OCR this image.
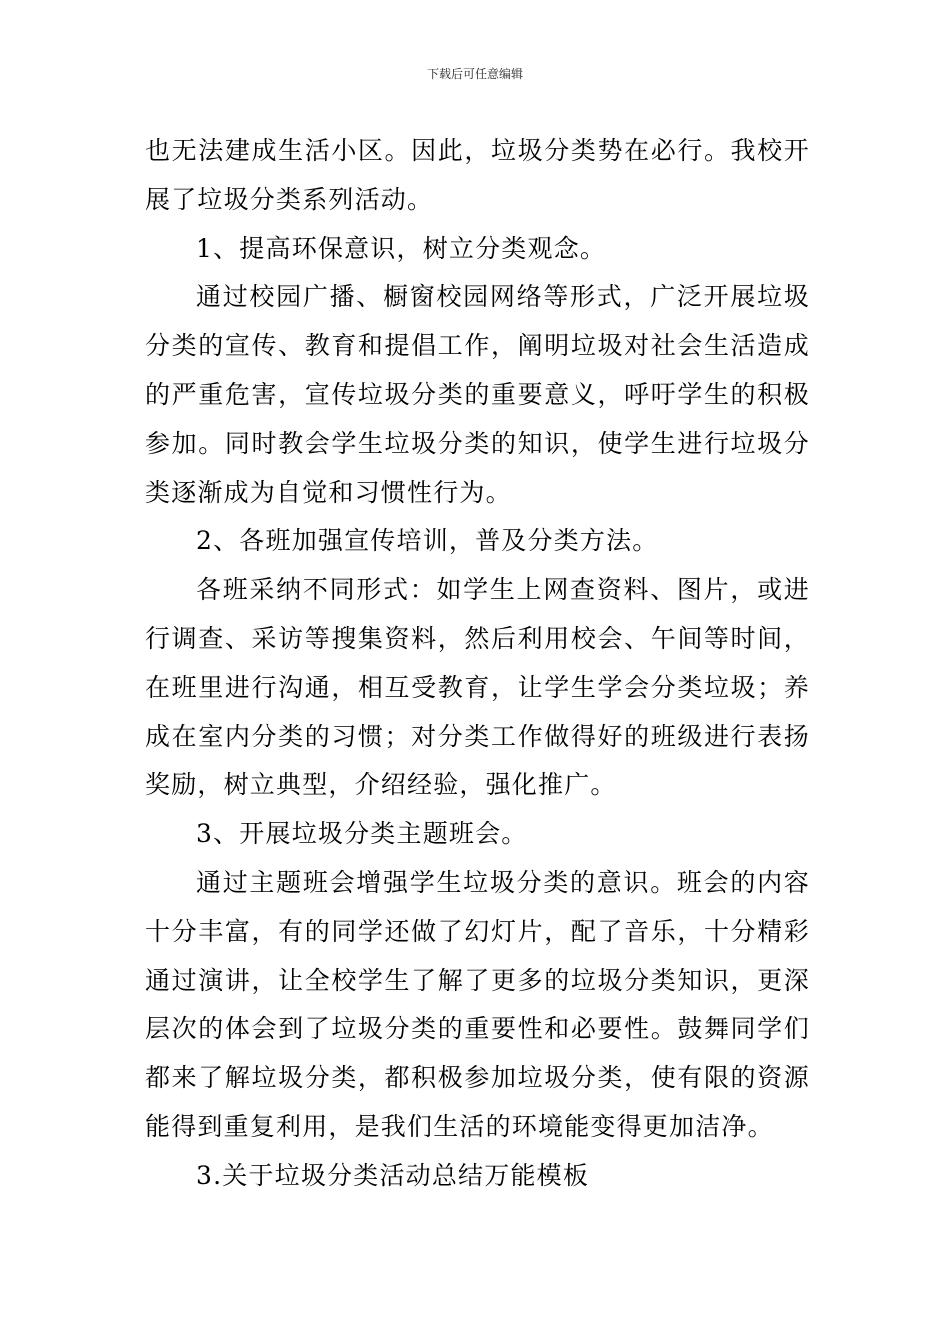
下载后可任意编辑

也无法建成生活小区。因此，垃圾分类势在必行。我校开展了垃圾分类系列活动。

1、提高环保意识，树立分类观念。

通过校园广播、橱窗校园网络等形式，广泛开展垃圾分类的宣传、教育和提倡工作，阐明垃圾对社会生活造成的严重危害，宣传垃圾分类的重要意义，呼吁学生的积极参加。同时教会学生垃圾分类的知识，使学生进行垃圾分类逐渐成为自觉和习惯性行为。

2、各班加强宣传培训，普及分类方法。

各班采纳不同形式：如学生上网查资料、图片，或进行调查、采访等搜集资料，然后利用校会、午间等时间，在班里进行沟通，相互受教育，让学生学会分类垃圾；养成在室内分类的习惯；对分类工作做得好的班级进行表扬奖励，树立典型，介绍经验，强化推广。

3、开展垃圾分类主题班会。

通过主题班会增强学生垃圾分类的意识。班会的内容十分丰富，有的同学还做了幻灯片，配了音乐，十分精彩通过演讲，让全校学生了解了更多的垃圾分类知识，更深层次的体会到了垃圾分类的重要性和必要性。鼓舞同学们都来了解垃圾分类，都积极参加垃圾分类，使有限的资源能得到重复利用，是我们生活的环境能变得更加洁净。

3.关于垃圾分类活动总结万能模板
